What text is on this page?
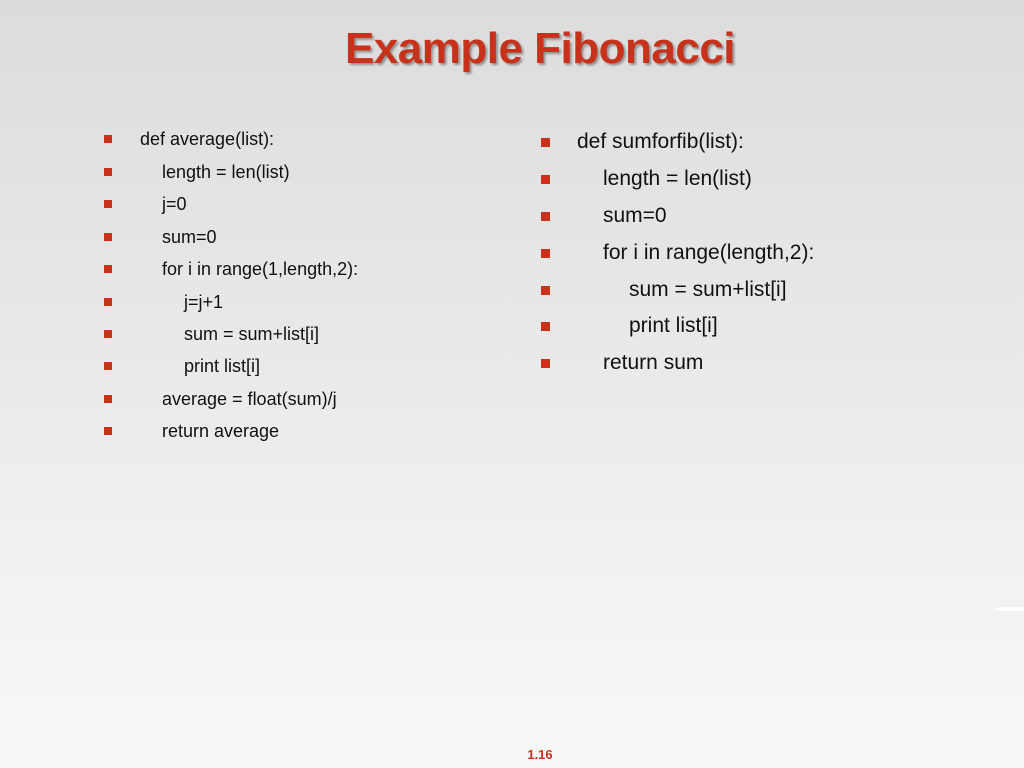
Example Fibonacci
def average(list):
length = len(list)
j=0
sum=0
for i in range(1,length,2):
j=j+1
sum = sum+list[i]
print list[i]
average = float(sum)/j
return average
def sumforfib(list):
length = len(list)
sum=0
for i in range(length,2):
sum = sum+list[i]
print list[i]
return sum
1.16
